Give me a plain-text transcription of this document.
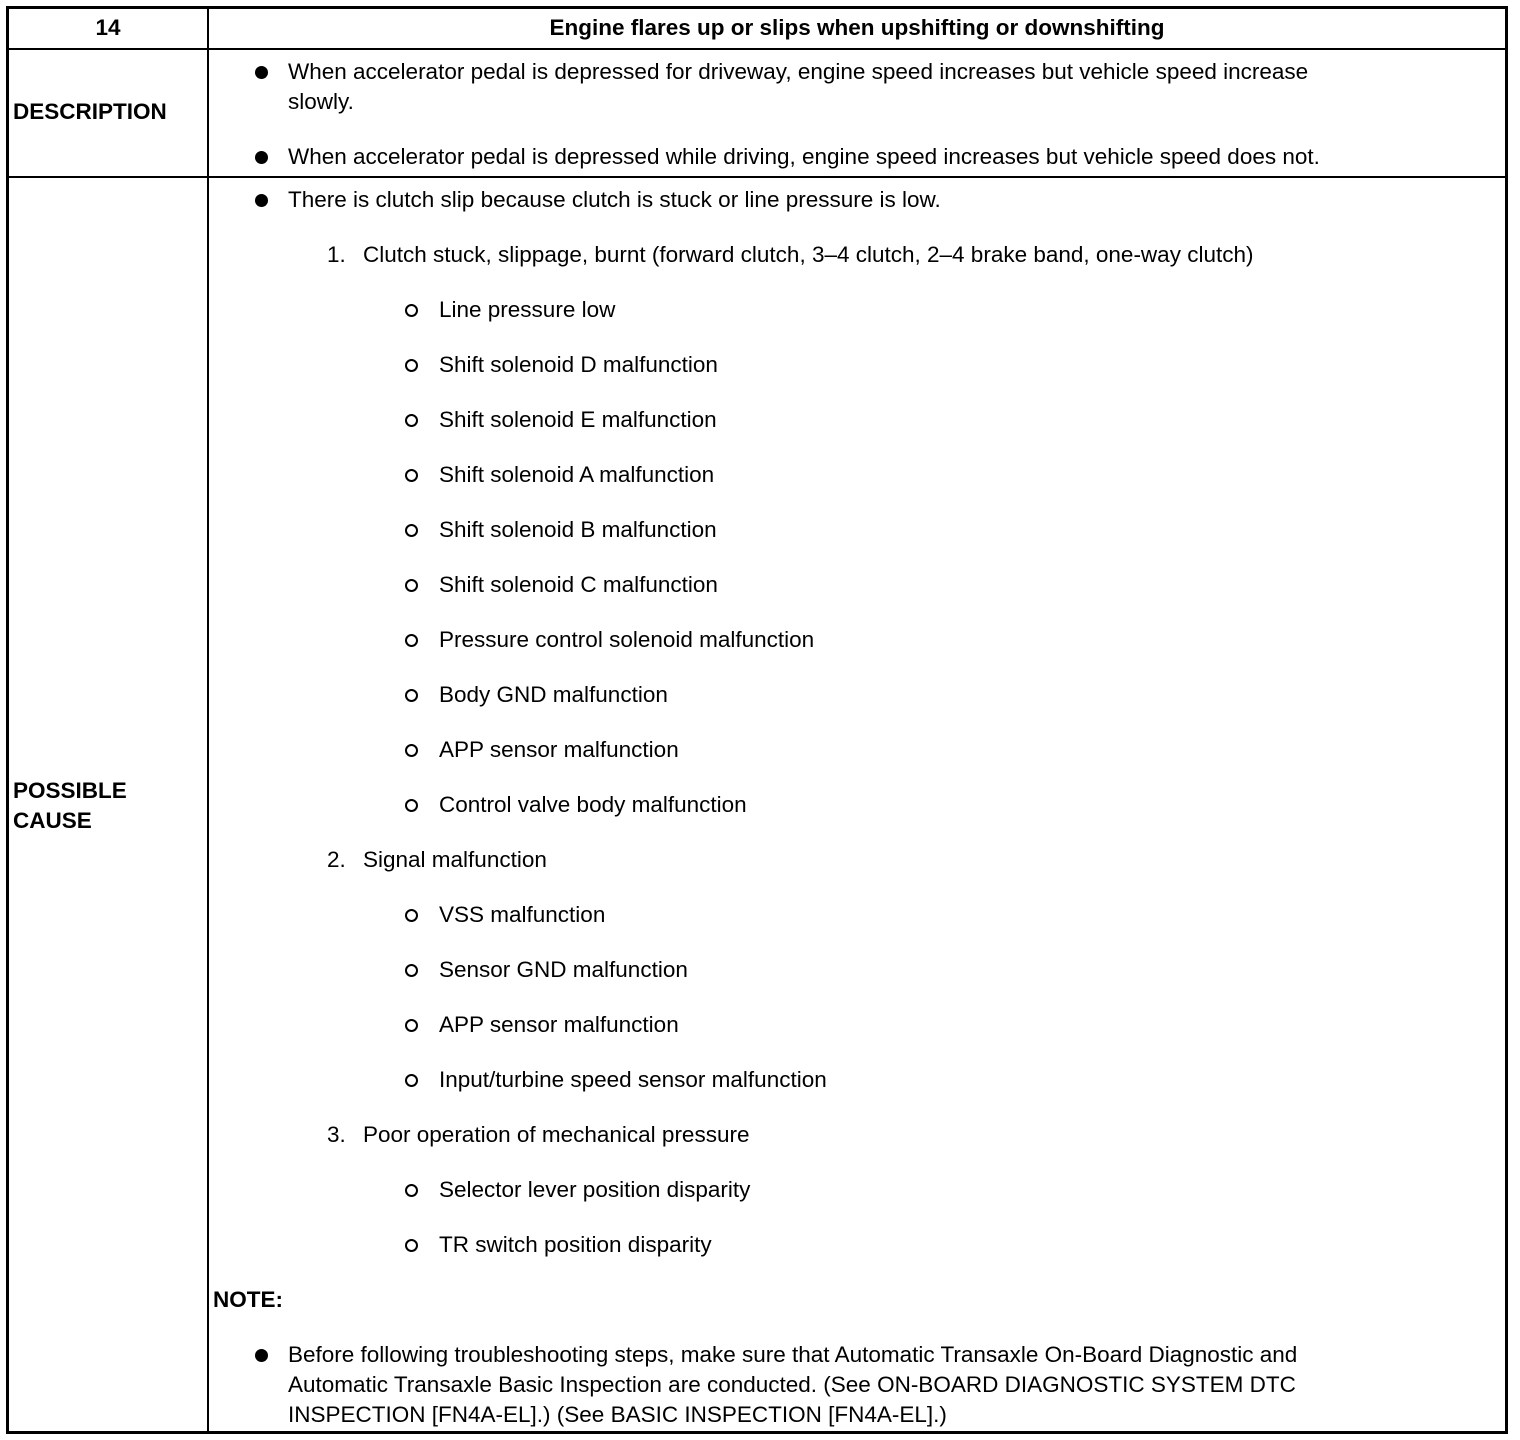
14	Engine flares up or slips when upshifting or downshifting
DESCRIPTION
When accelerator pedal is depressed for driveway, engine speed increases but vehicle speed increase
slowly.
When accelerator pedal is depressed while driving, engine speed increases but vehicle speed does not.
POSSIBLE
CAUSE
There is clutch slip because clutch is stuck or line pressure is low.
1. Clutch stuck, slippage, burnt (forward clutch, 3–4 clutch, 2–4 brake band, one-way clutch)
Line pressure low
Shift solenoid D malfunction
Shift solenoid E malfunction
Shift solenoid A malfunction
Shift solenoid B malfunction
Shift solenoid C malfunction
Pressure control solenoid malfunction
Body GND malfunction
APP sensor malfunction
Control valve body malfunction
2. Signal malfunction
VSS malfunction
Sensor GND malfunction
APP sensor malfunction
Input/turbine speed sensor malfunction
3. Poor operation of mechanical pressure
Selector lever position disparity
TR switch position disparity
NOTE:
Before following troubleshooting steps, make sure that Automatic Transaxle On-Board Diagnostic and
Automatic Transaxle Basic Inspection are conducted. (See ON-BOARD DIAGNOSTIC SYSTEM DTC
INSPECTION [FN4A-EL].) (See BASIC INSPECTION [FN4A-EL].)
